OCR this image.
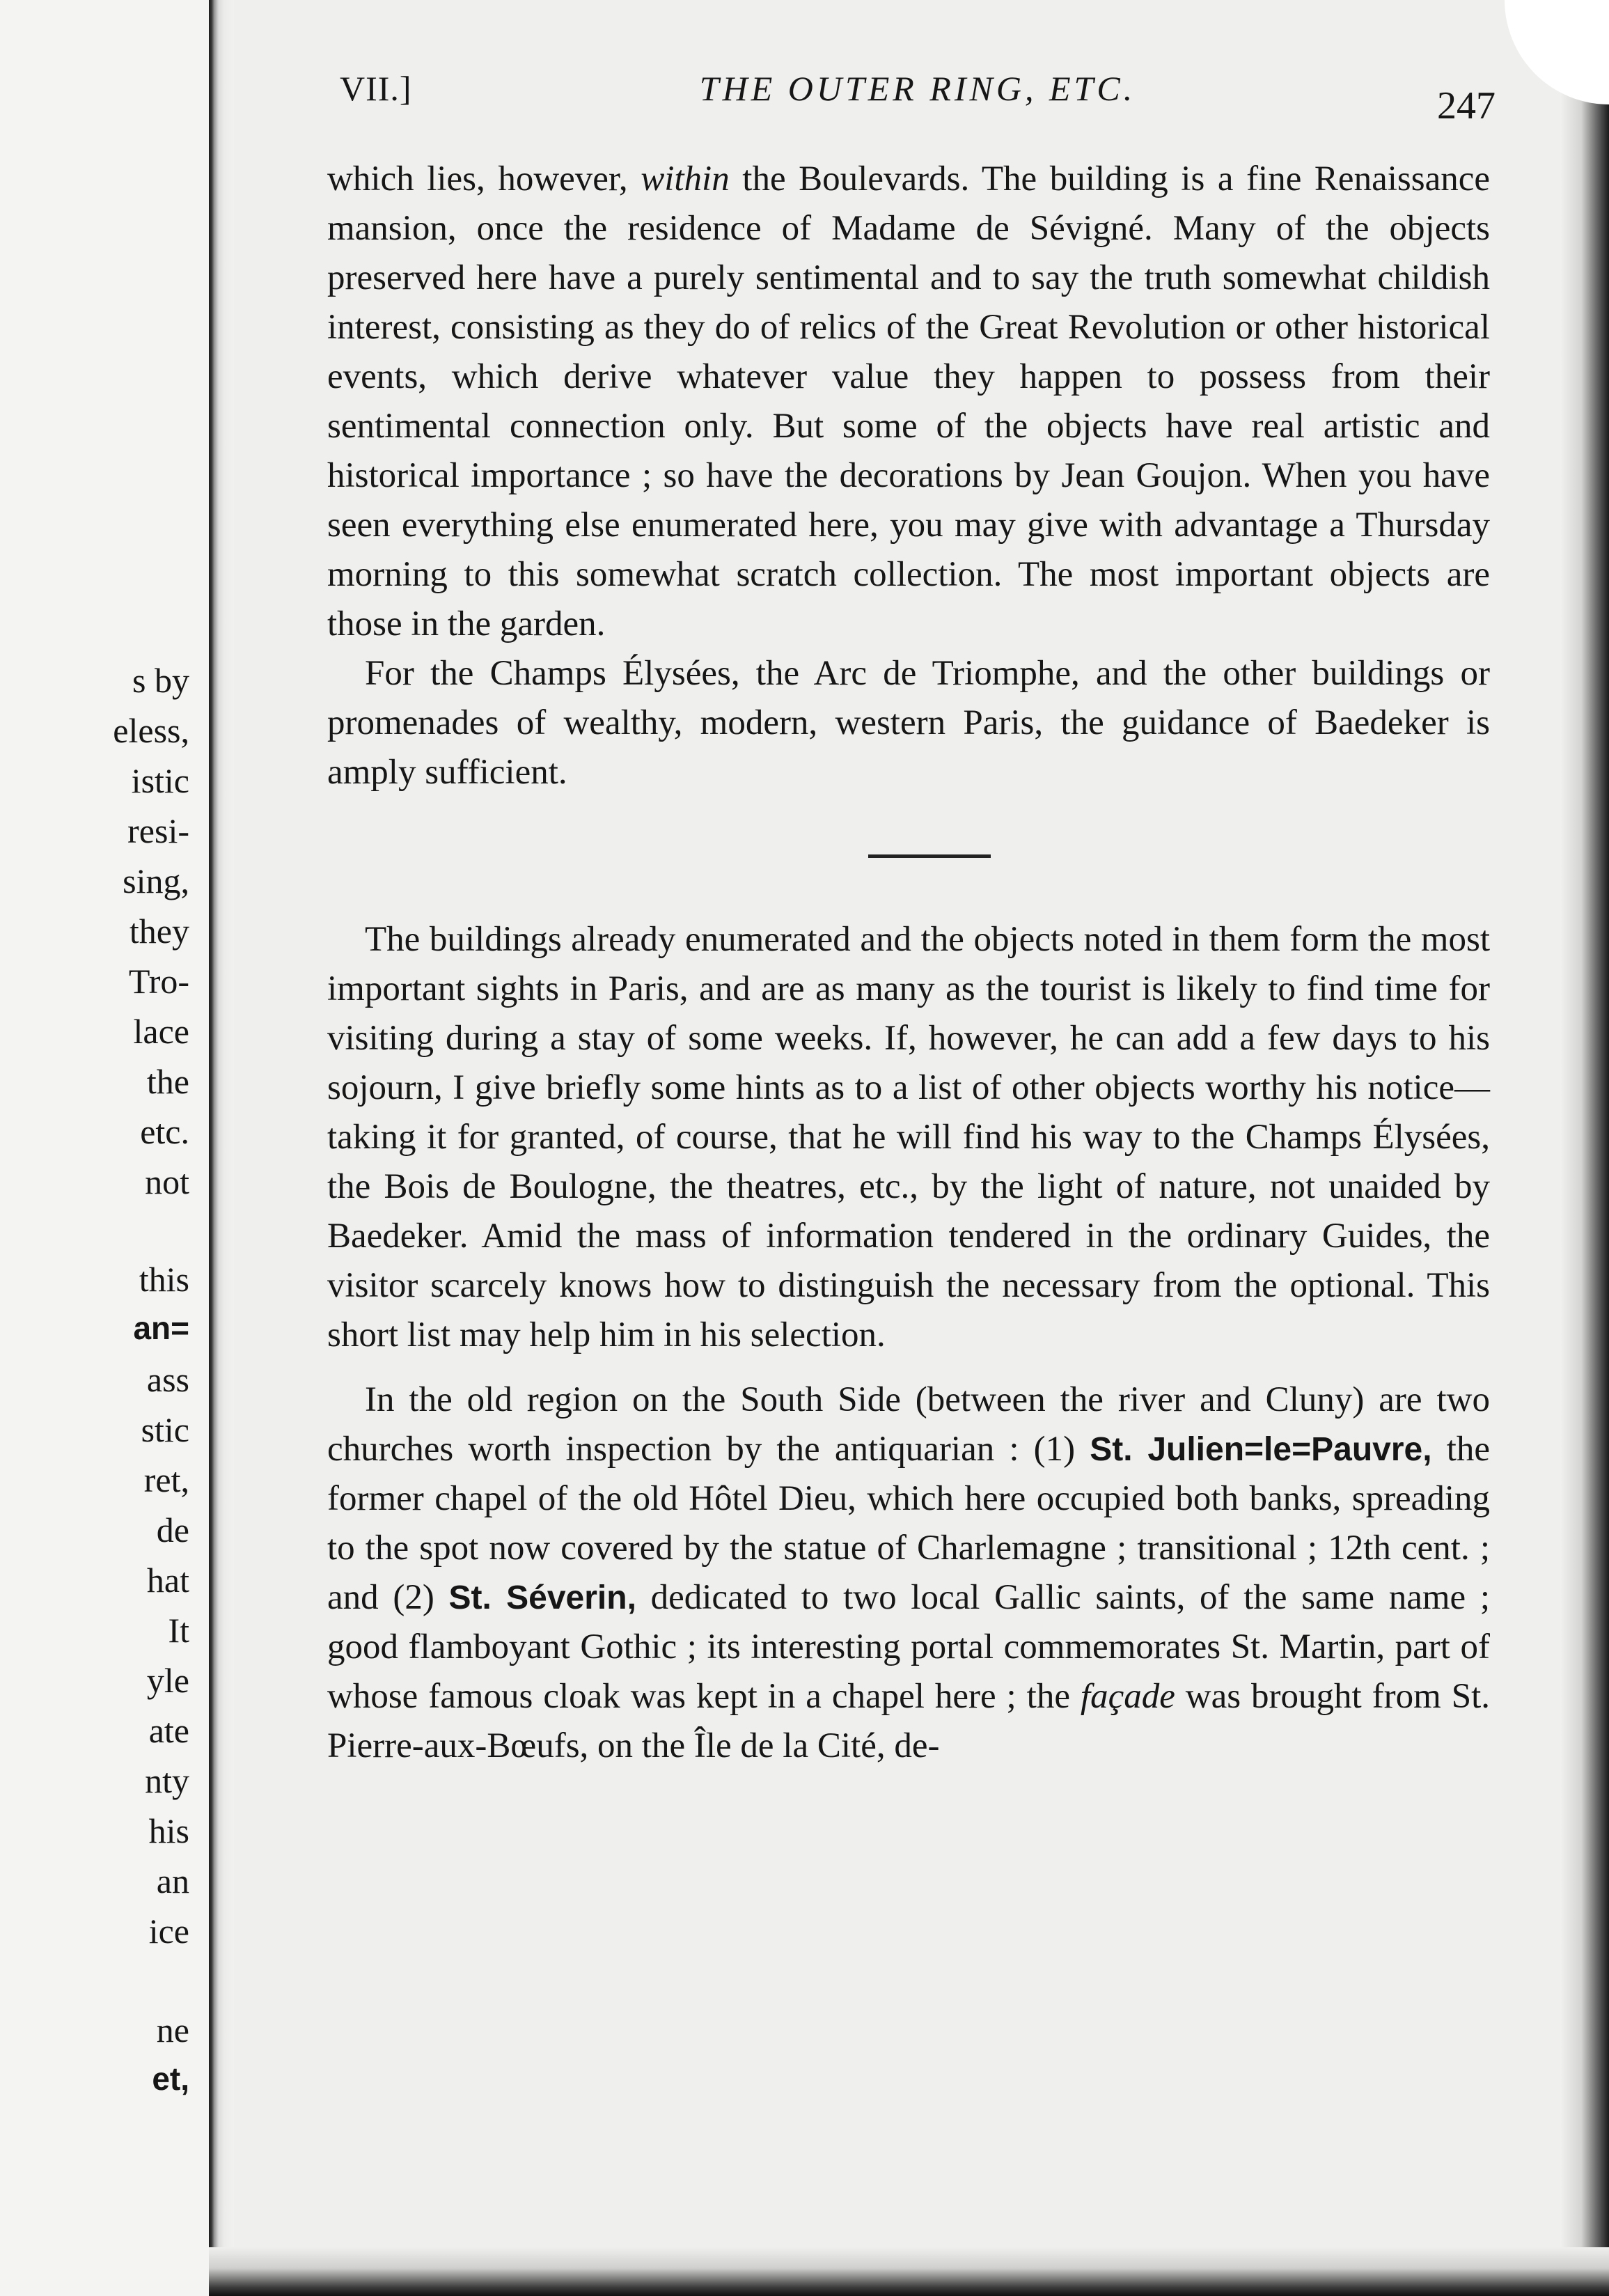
s by
eless,
istic
resi-
sing,
they
Tro-
lace
the
etc.
not
this
an=
ass
stic
ret,
de
hat
It
yle
ate
nty
his
an
ice
ne
et,
VII.]	THE OUTER RING, ETC.	247

which lies, however, within the Boulevards. The building is a fine Renaissance mansion, once the residence of Madame de Sévigné. Many of the objects preserved here have a purely sentimental and to say the truth somewhat childish interest, consisting as they do of relics of the Great Revolution or other historical events, which derive whatever value they happen to possess from their sentimental connection only. But some of the objects have real artistic and historical importance ; so have the decorations by Jean Goujon. When you have seen everything else enumerated here, you may give with advantage a Thursday morning to this somewhat scratch collection. The most important objects are those in the garden.

For the Champs Élysées, the Arc de Triomphe, and the other buildings or promenades of wealthy, modern, western Paris, the guidance of Baedeker is amply sufficient.

The buildings already enumerated and the objects noted in them form the most important sights in Paris, and are as many as the tourist is likely to find time for visiting during a stay of some weeks. If, however, he can add a few days to his sojourn, I give briefly some hints as to a list of other objects worthy his notice—taking it for granted, of course, that he will find his way to the Champs Élysées, the Bois de Boulogne, the theatres, etc., by the light of nature, not unaided by Baedeker. Amid the mass of information tendered in the ordinary Guides, the visitor scarcely knows how to distinguish the necessary from the optional. This short list may help him in his selection.

In the old region on the South Side (between the river and Cluny) are two churches worth inspection by the antiquarian : (1) St. Julien=le=Pauvre, the former chapel of the old Hôtel Dieu, which here occupied both banks, spreading to the spot now covered by the statue of Charlemagne ; transitional ; 12th cent. ; and (2) St. Séverin, dedicated to two local Gallic saints, of the same name ; good flamboyant Gothic ; its interesting portal commemorates St. Martin, part of whose famous cloak was kept in a chapel here ; the façade was brought from St. Pierre-aux-Bœufs, on the Île de la Cité, de-
